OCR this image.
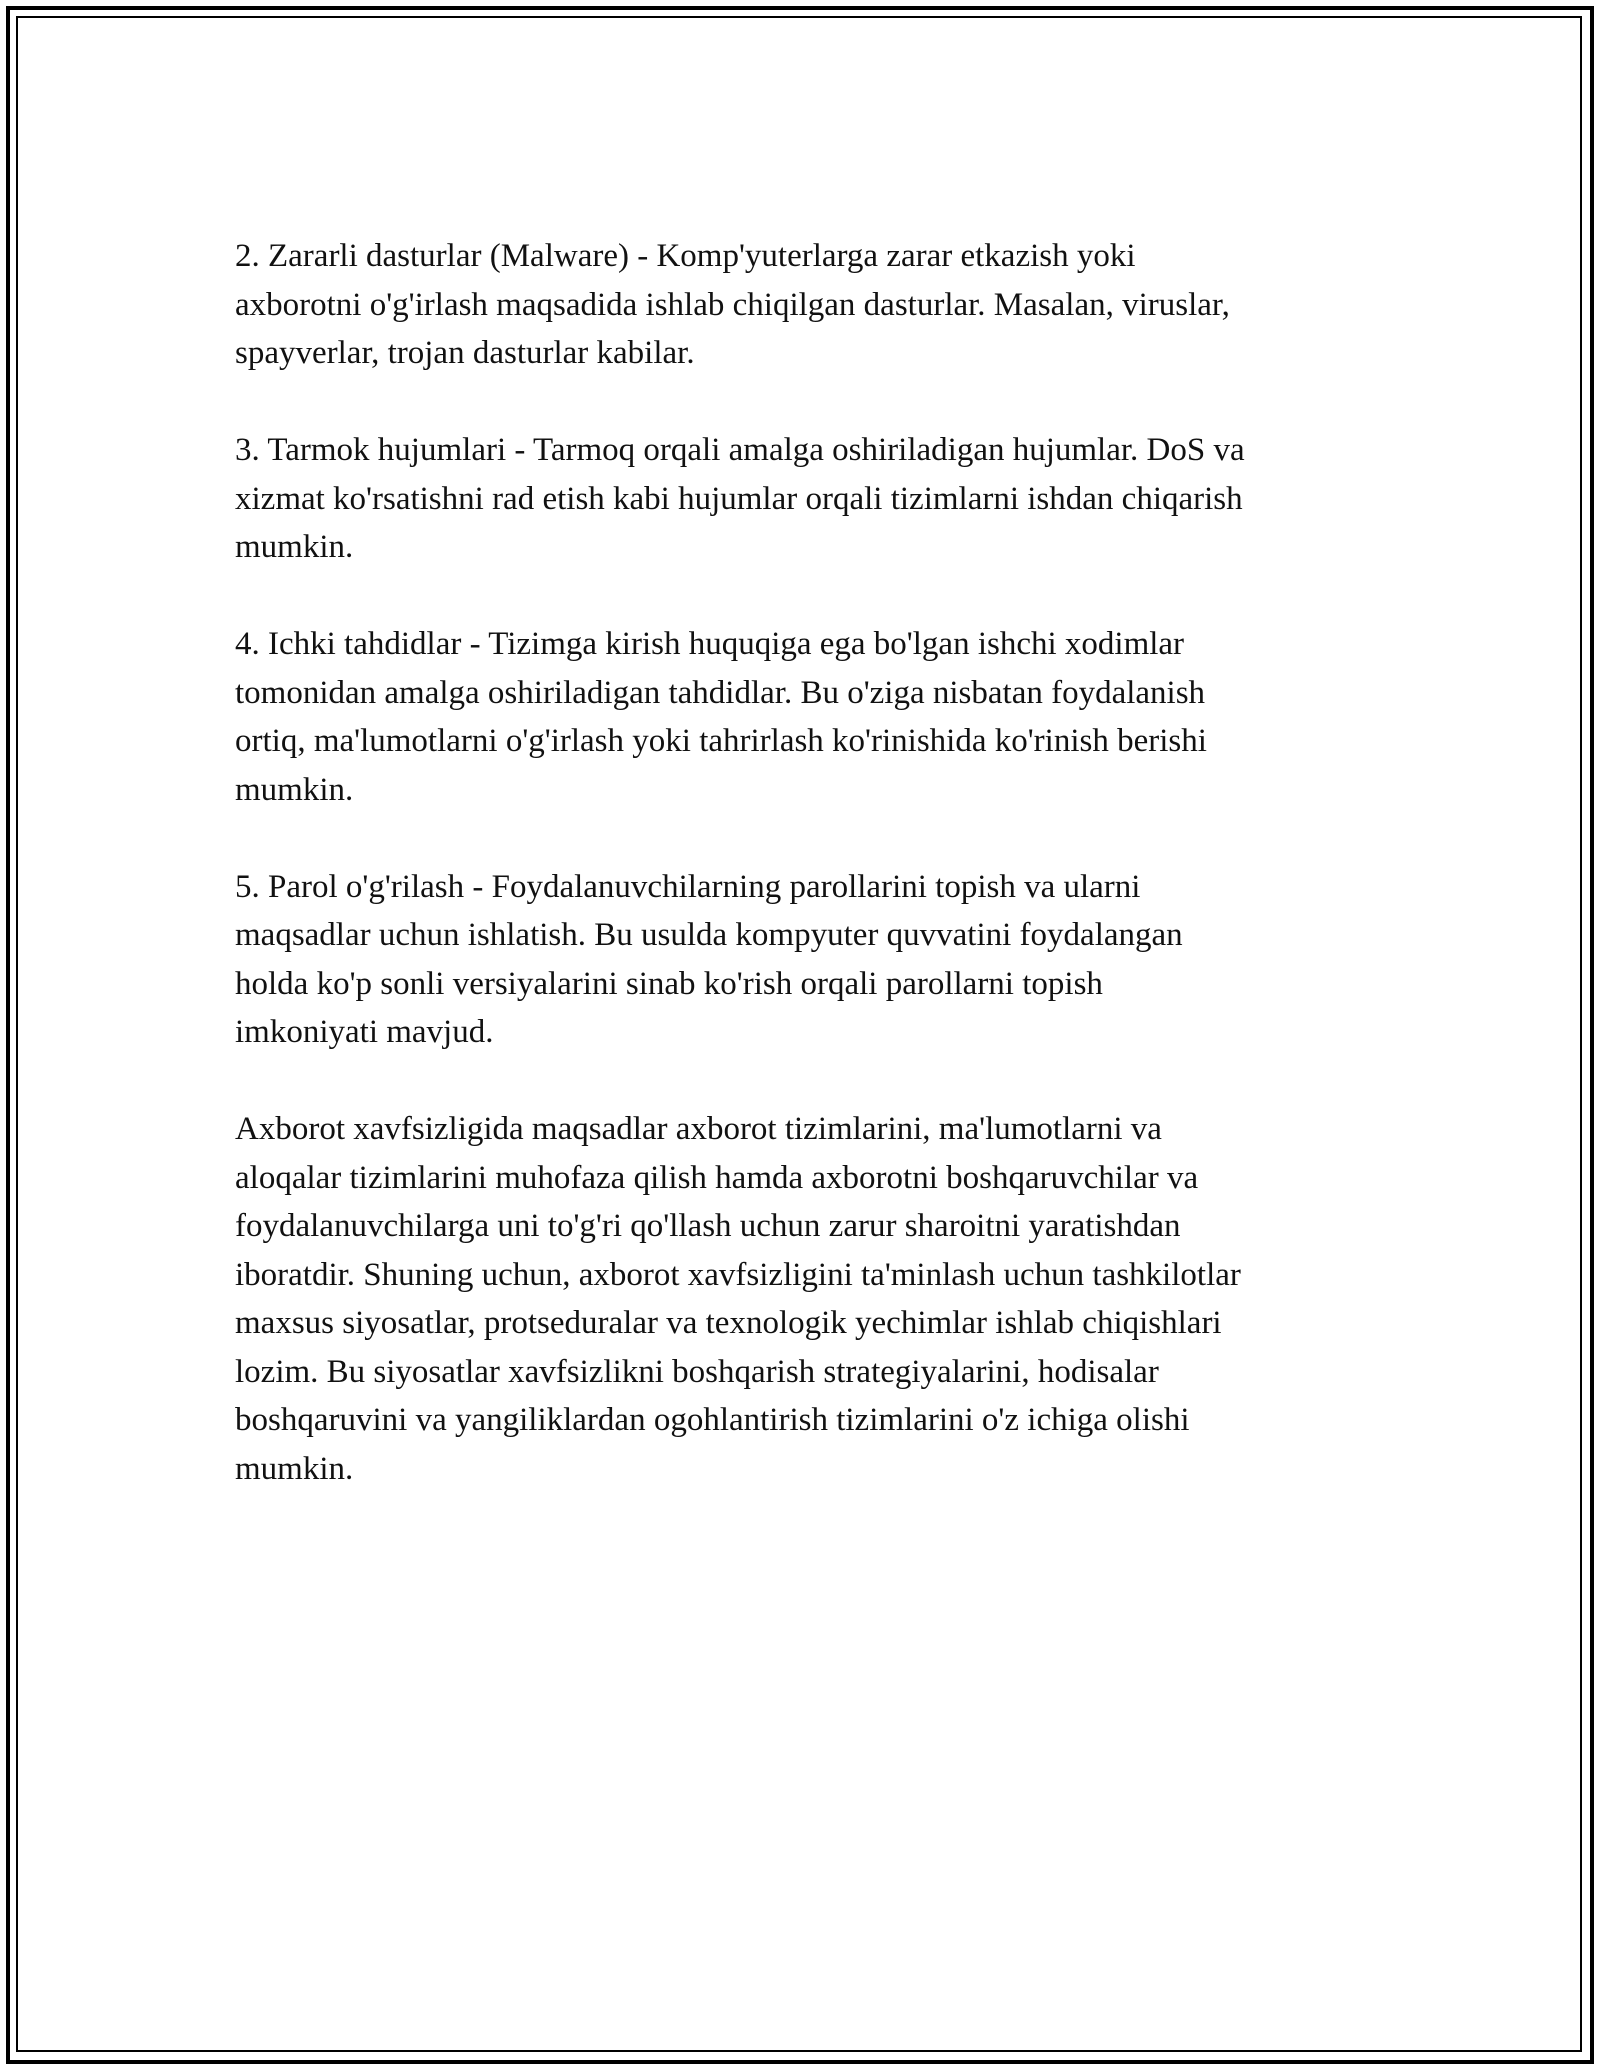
2. Zararli dasturlar (Malware) - Komp'yuterlarga zarar etkazish yoki
axborotni o'g'irlash maqsadida ishlab chiqilgan dasturlar. Masalan, viruslar,
spayverlar, trojan dasturlar kabilar.

3. Tarmok hujumlari - Tarmoq orqali amalga oshiriladigan hujumlar. DoS va
xizmat ko'rsatishni rad etish kabi hujumlar orqali tizimlarni ishdan chiqarish
mumkin.

4. Ichki tahdidlar - Tizimga kirish huquqiga ega bo'lgan ishchi xodimlar
tomonidan amalga oshiriladigan tahdidlar. Bu o'ziga nisbatan foydalanish
ortiq, ma'lumotlarni o'g'irlash yoki tahrirlash ko'rinishida ko'rinish berishi
mumkin.

5. Parol o'g'rilash - Foydalanuvchilarning parollarini topish va ularni
maqsadlar uchun ishlatish. Bu usulda kompyuter quvvatini foydalangan
holda ko'p sonli versiyalarini sinab ko'rish orqali parollarni topish
imkoniyati mavjud.

Axborot xavfsizligida maqsadlar axborot tizimlarini, ma'lumotlarni va
aloqalar tizimlarini muhofaza qilish hamda axborotni boshqaruvchilar va
foydalanuvchilarga uni to'g'ri qo'llash uchun zarur sharoitni yaratishdan
iboratdir. Shuning uchun, axborot xavfsizligini ta'minlash uchun tashkilotlar
maxsus siyosatlar, protseduralar va texnologik yechimlar ishlab chiqishlari
lozim. Bu siyosatlar xavfsizlikni boshqarish strategiyalarini, hodisalar
boshqaruvini va yangiliklardan ogohlantirish tizimlarini o'z ichiga olishi
mumkin.
